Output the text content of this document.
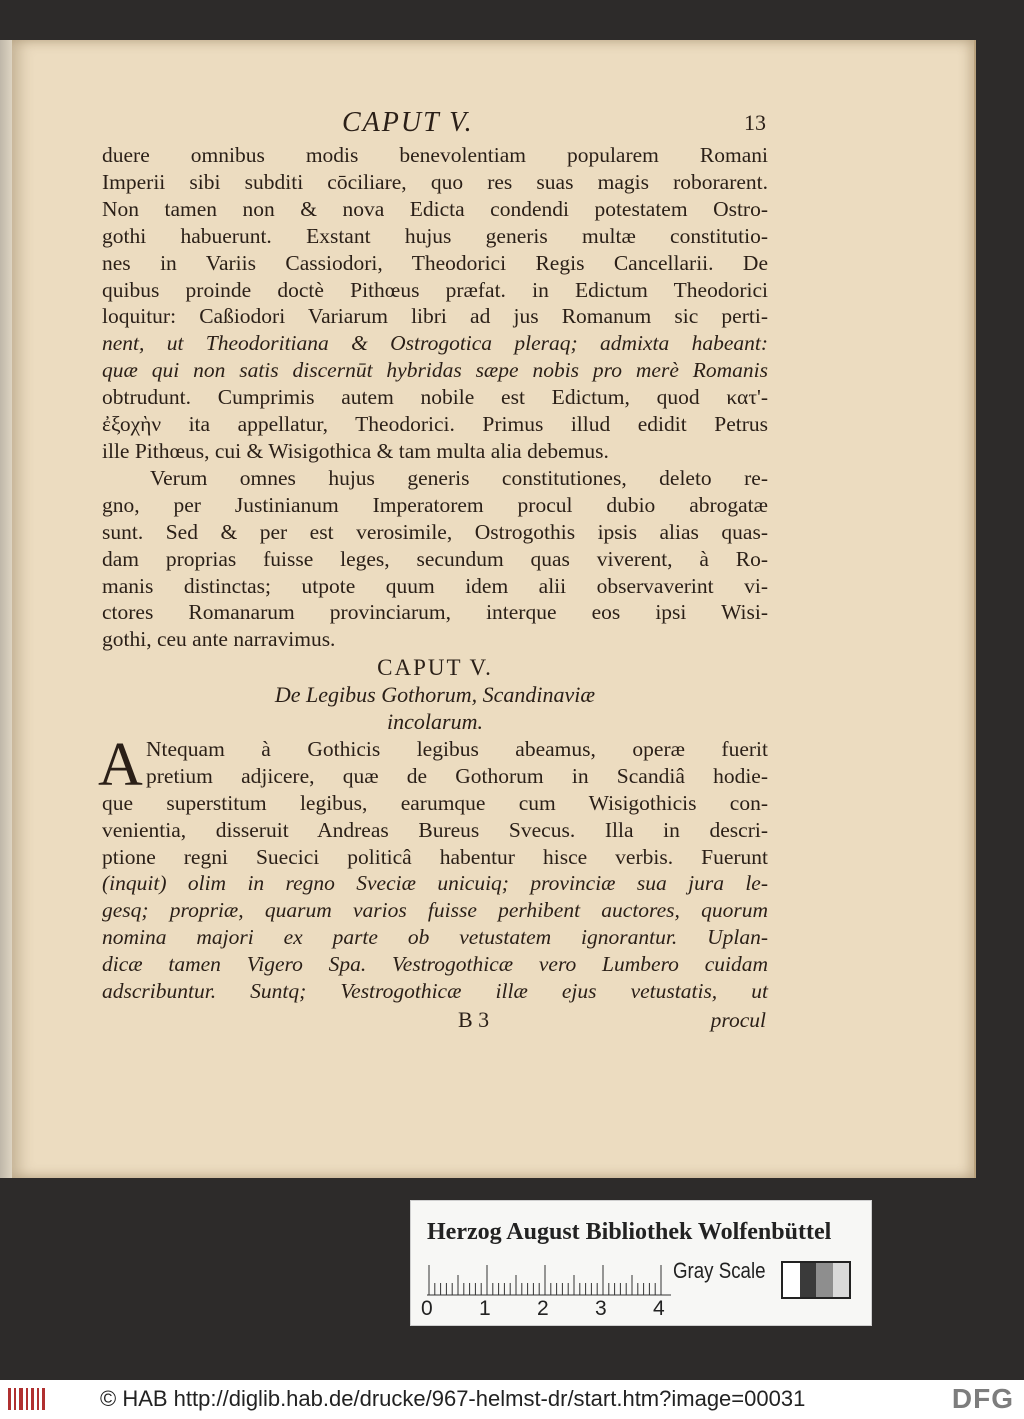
CAPUT V.	13
duere omnibus modis benevolentiam popularem Romani
Imperii sibi subditi cōciliare, quo res suas magis roborarent.
Non tamen non & nova Edicta condendi potestatem Ostro-
gothi habuerunt. Exstant hujus generis multæ constitutio-
nes in Variis Cassiodori, Theodorici Regis Cancellarii. De
quibus proinde doctè Pithœus præfat. in Edictum Theodorici
loquitur: Caßiodori Variarum libri ad jus Romanum sic perti-
nent, ut Theodoritiana & Ostrogotica pleraq; admixta habeant:
quæ qui non satis discernūt hybridas sæpe nobis pro merè Romanis
obtrudunt. Cumprimis autem nobile est Edictum, quod κατ'-
ἐξοχὴν ita appellatur, Theodorici. Primus illud edidit Petrus
ille Pithœus, cui & Wisigothica & tam multa alia debemus.
Verum omnes hujus generis constitutiones, deleto re-
gno, per Justinianum Imperatorem procul dubio abrogatæ
sunt. Sed & per est verosimile, Ostrogothis ipsis alias quas-
dam proprias fuisse leges, secundum quas viverent, à Ro-
manis distinctas; utpote quum idem alii observaverint vi-
ctores Romanarum provinciarum, interque eos ipsi Wisi-
gothi, ceu ante narravimus.
CAPUT V.
De Legibus Gothorum, Scandinaviæ
incolarum.
A Ntequam à Gothicis legibus abeamus, operæ fuerit
pretium adjicere, quæ de Gothorum in Scandiâ hodie-
que superstitum legibus, earumque cum Wisigothicis con-
venientia, disseruit Andreas Bureus Svecus. Illa in descri-
ptione regni Suecici politicâ habentur hisce verbis. Fuerunt
(inquit) olim in regno Sveciæ unicuiq; provinciæ sua jura le-
gesq; propriæ, quarum varios fuisse perhibent auctores, quorum
nomina majori ex parte ob vetustatem ignorantur. Uplan-
dicæ tamen Vigero Spa. Vestrogothicæ vero Lumbero cuidam
adscribuntur. Suntq; Vestrogothicæ illæ ejus vetustatis, ut
B 3	procul
Herzog August Bibliothek Wolfenbüttel
Gray Scale
0 1 2 3 4
© HAB http://diglib.hab.de/drucke/967-helmst-dr/start.htm?image=00031	DFG
